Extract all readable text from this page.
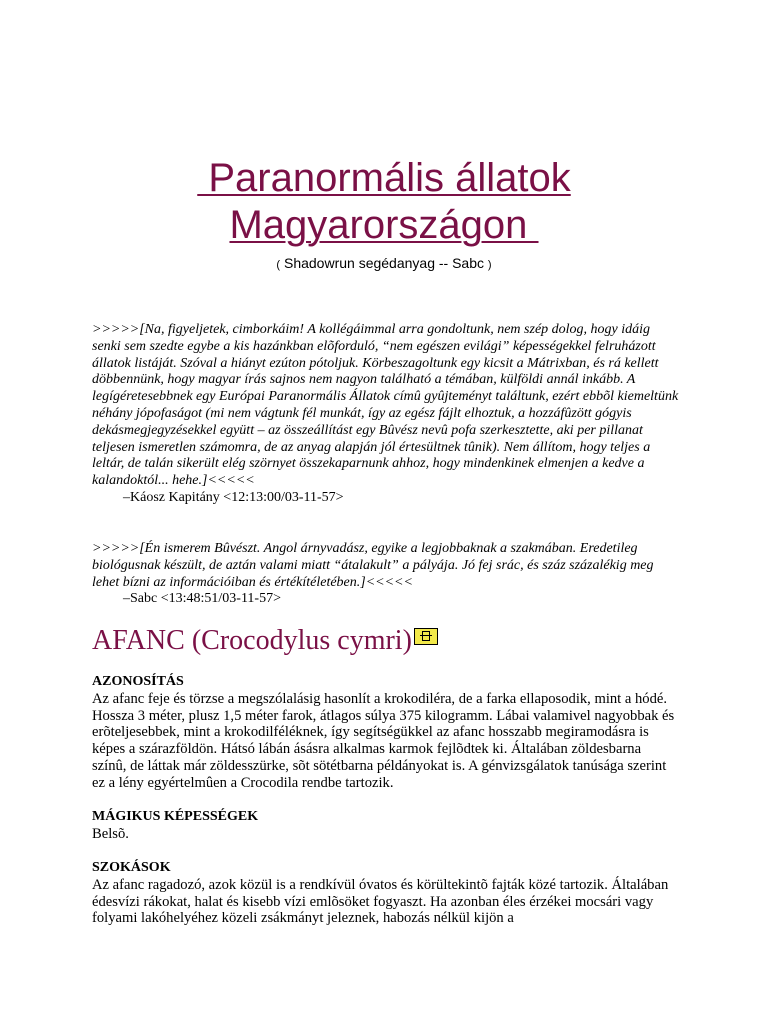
Paranormális állatok
Magyarországon
( Shadowrun segédanyag -- Sabc )
>>>>>[Na, figyeljetek, cimborkáim! A kollégáimmal arra gondoltunk, nem szép dolog, hogy idáig senki sem szedte egybe a kis hazánkban elõforduló, “nem egészen evilági” képességekkel felruházott állatok listáját. Szóval a hiányt ezúton pótoljuk. Körbeszagoltunk egy kicsit a Mátrixban, és rá kellett döbbennünk, hogy magyar írás sajnos nem nagyon található a témában, külföldi annál inkább. A legígéretesebbnek egy Európai Paranormális Állatok címû gyûjteményt találtunk, ezért ebbõl kiemeltünk néhány jópofaságot (mi nem vágtunk fél munkát, így az egész fájlt elhoztuk, a hozzáfûzött gógyis dekásmegjegyzésekkel együtt – az összeállítást egy Bûvész nevû pofa szerkesztette, aki per pillanat teljesen ismeretlen számomra, de az anyag alapján jól értesültnek tûnik). Nem állítom, hogy teljes a leltár, de talán sikerült elég szörnyet összekaparnunk ahhoz, hogy mindenkinek elmenjen a kedve a kalandoktól... hehe.]<<<<<
–Káosz Kapitány <12:13:00/03-11-57>
>>>>>[Én ismerem Bûvészt. Angol árnyvadász, egyike a legjobbaknak a szakmában. Eredetileg biológusnak készült, de aztán valami miatt “átalakult” a pályája. Jó fej srác, és száz százalékig meg lehet bízni az információiban és értékítéletében.]<<<<<
–Sabc <13:48:51/03-11-57>
AFANC (Crocodylus cymri)
AZONOSÍTÁS
Az afanc feje és törzse a megszólalásig hasonlít a krokodiléra, de a farka ellaposodik, mint a hódé. Hossza 3 méter, plusz 1,5 méter farok, átlagos súlya 375 kilogramm. Lábai valamivel nagyobbak és erõteljesebbek, mint a krokodilféléknek, így segítségükkel az afanc hosszabb megiramodásra is képes a szárazföldön. Hátsó lábán ásásra alkalmas karmok fejlõdtek ki. Általában zöldesbarna színû, de láttak már zöldesszürke, sõt sötétbarna példányokat is. A génvizsgálatok tanúsága szerint ez a lény egyértelmûen a Crocodila rendbe tartozik.
MÁGIKUS KÉPESSÉGEK
Belsõ.
SZOKÁSOK
Az afanc ragadozó, azok közül is a rendkívül óvatos és körültekintõ fajták közé tartozik. Általában édesvízi rákokat, halat és kisebb vízi emlõsöket fogyaszt. Ha azonban éles érzékei mocsári vagy folyami lakóhelyéhez közeli zsákmányt jeleznek, habozás nélkül kijön a
